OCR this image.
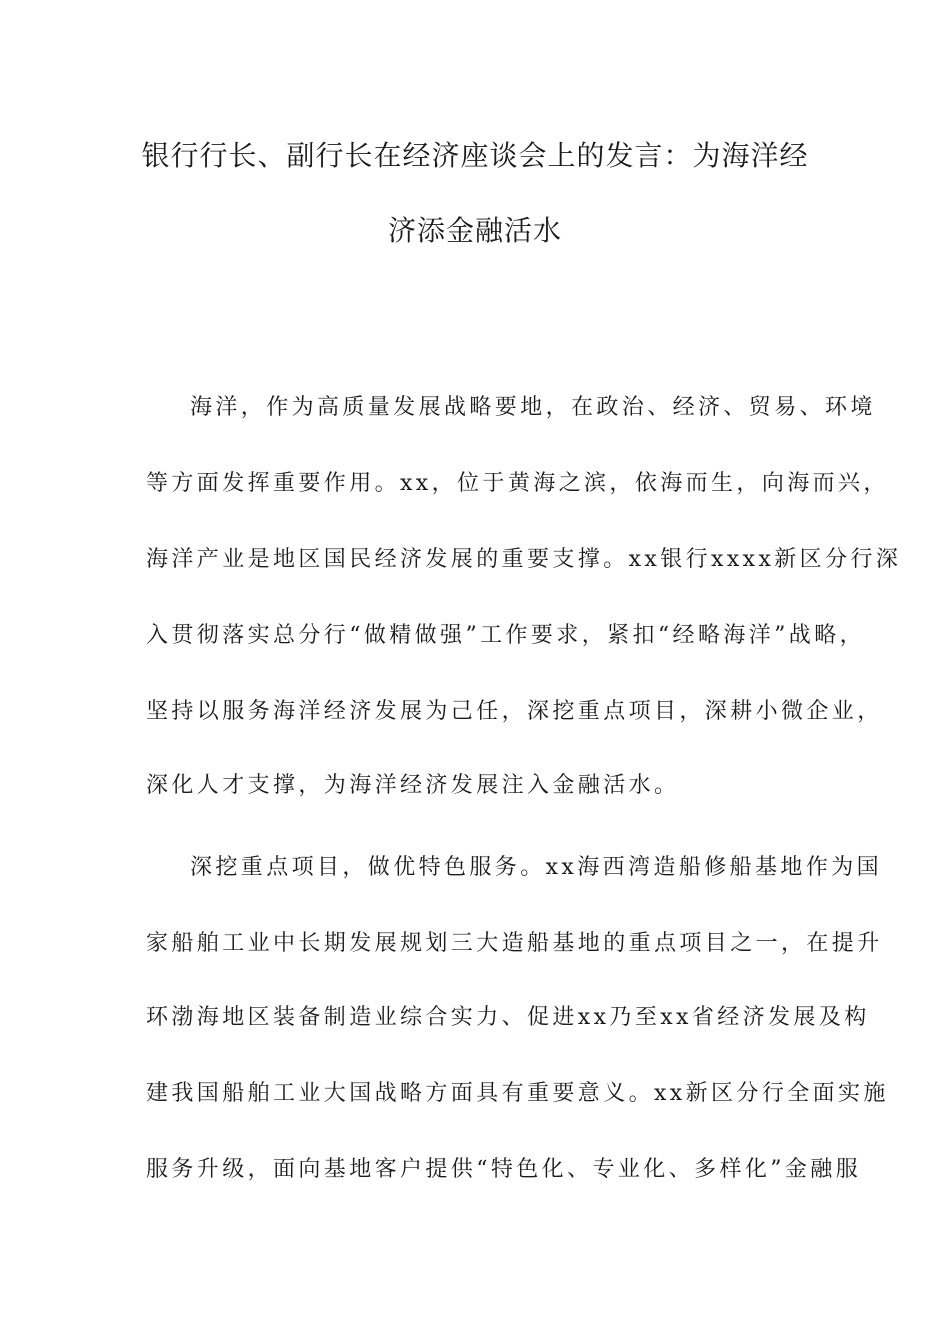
银行行长、副行长在经济座谈会上的发言：为海洋经
济添金融活水
海洋，作为高质量发展战略要地，在政治、经济、贸易、环境
等方面发挥重要作用。xx，位于黄海之滨，依海而生，向海而兴，
海洋产业是地区国民经济发展的重要支撑。xx银行xxxx新区分行深
入贯彻落实总分行“做精做强”工作要求，紧扣“经略海洋”战略，
坚持以服务海洋经济发展为己任，深挖重点项目，深耕小微企业，
深化人才支撑，为海洋经济发展注入金融活水。
深挖重点项目，做优特色服务。xx海西湾造船修船基地作为国
家船舶工业中长期发展规划三大造船基地的重点项目之一，在提升
环渤海地区装备制造业综合实力、促进xx乃至xx省经济发展及构
建我国船舶工业大国战略方面具有重要意义。xx新区分行全面实施
服务升级，面向基地客户提供“特色化、专业化、多样化”金融服
